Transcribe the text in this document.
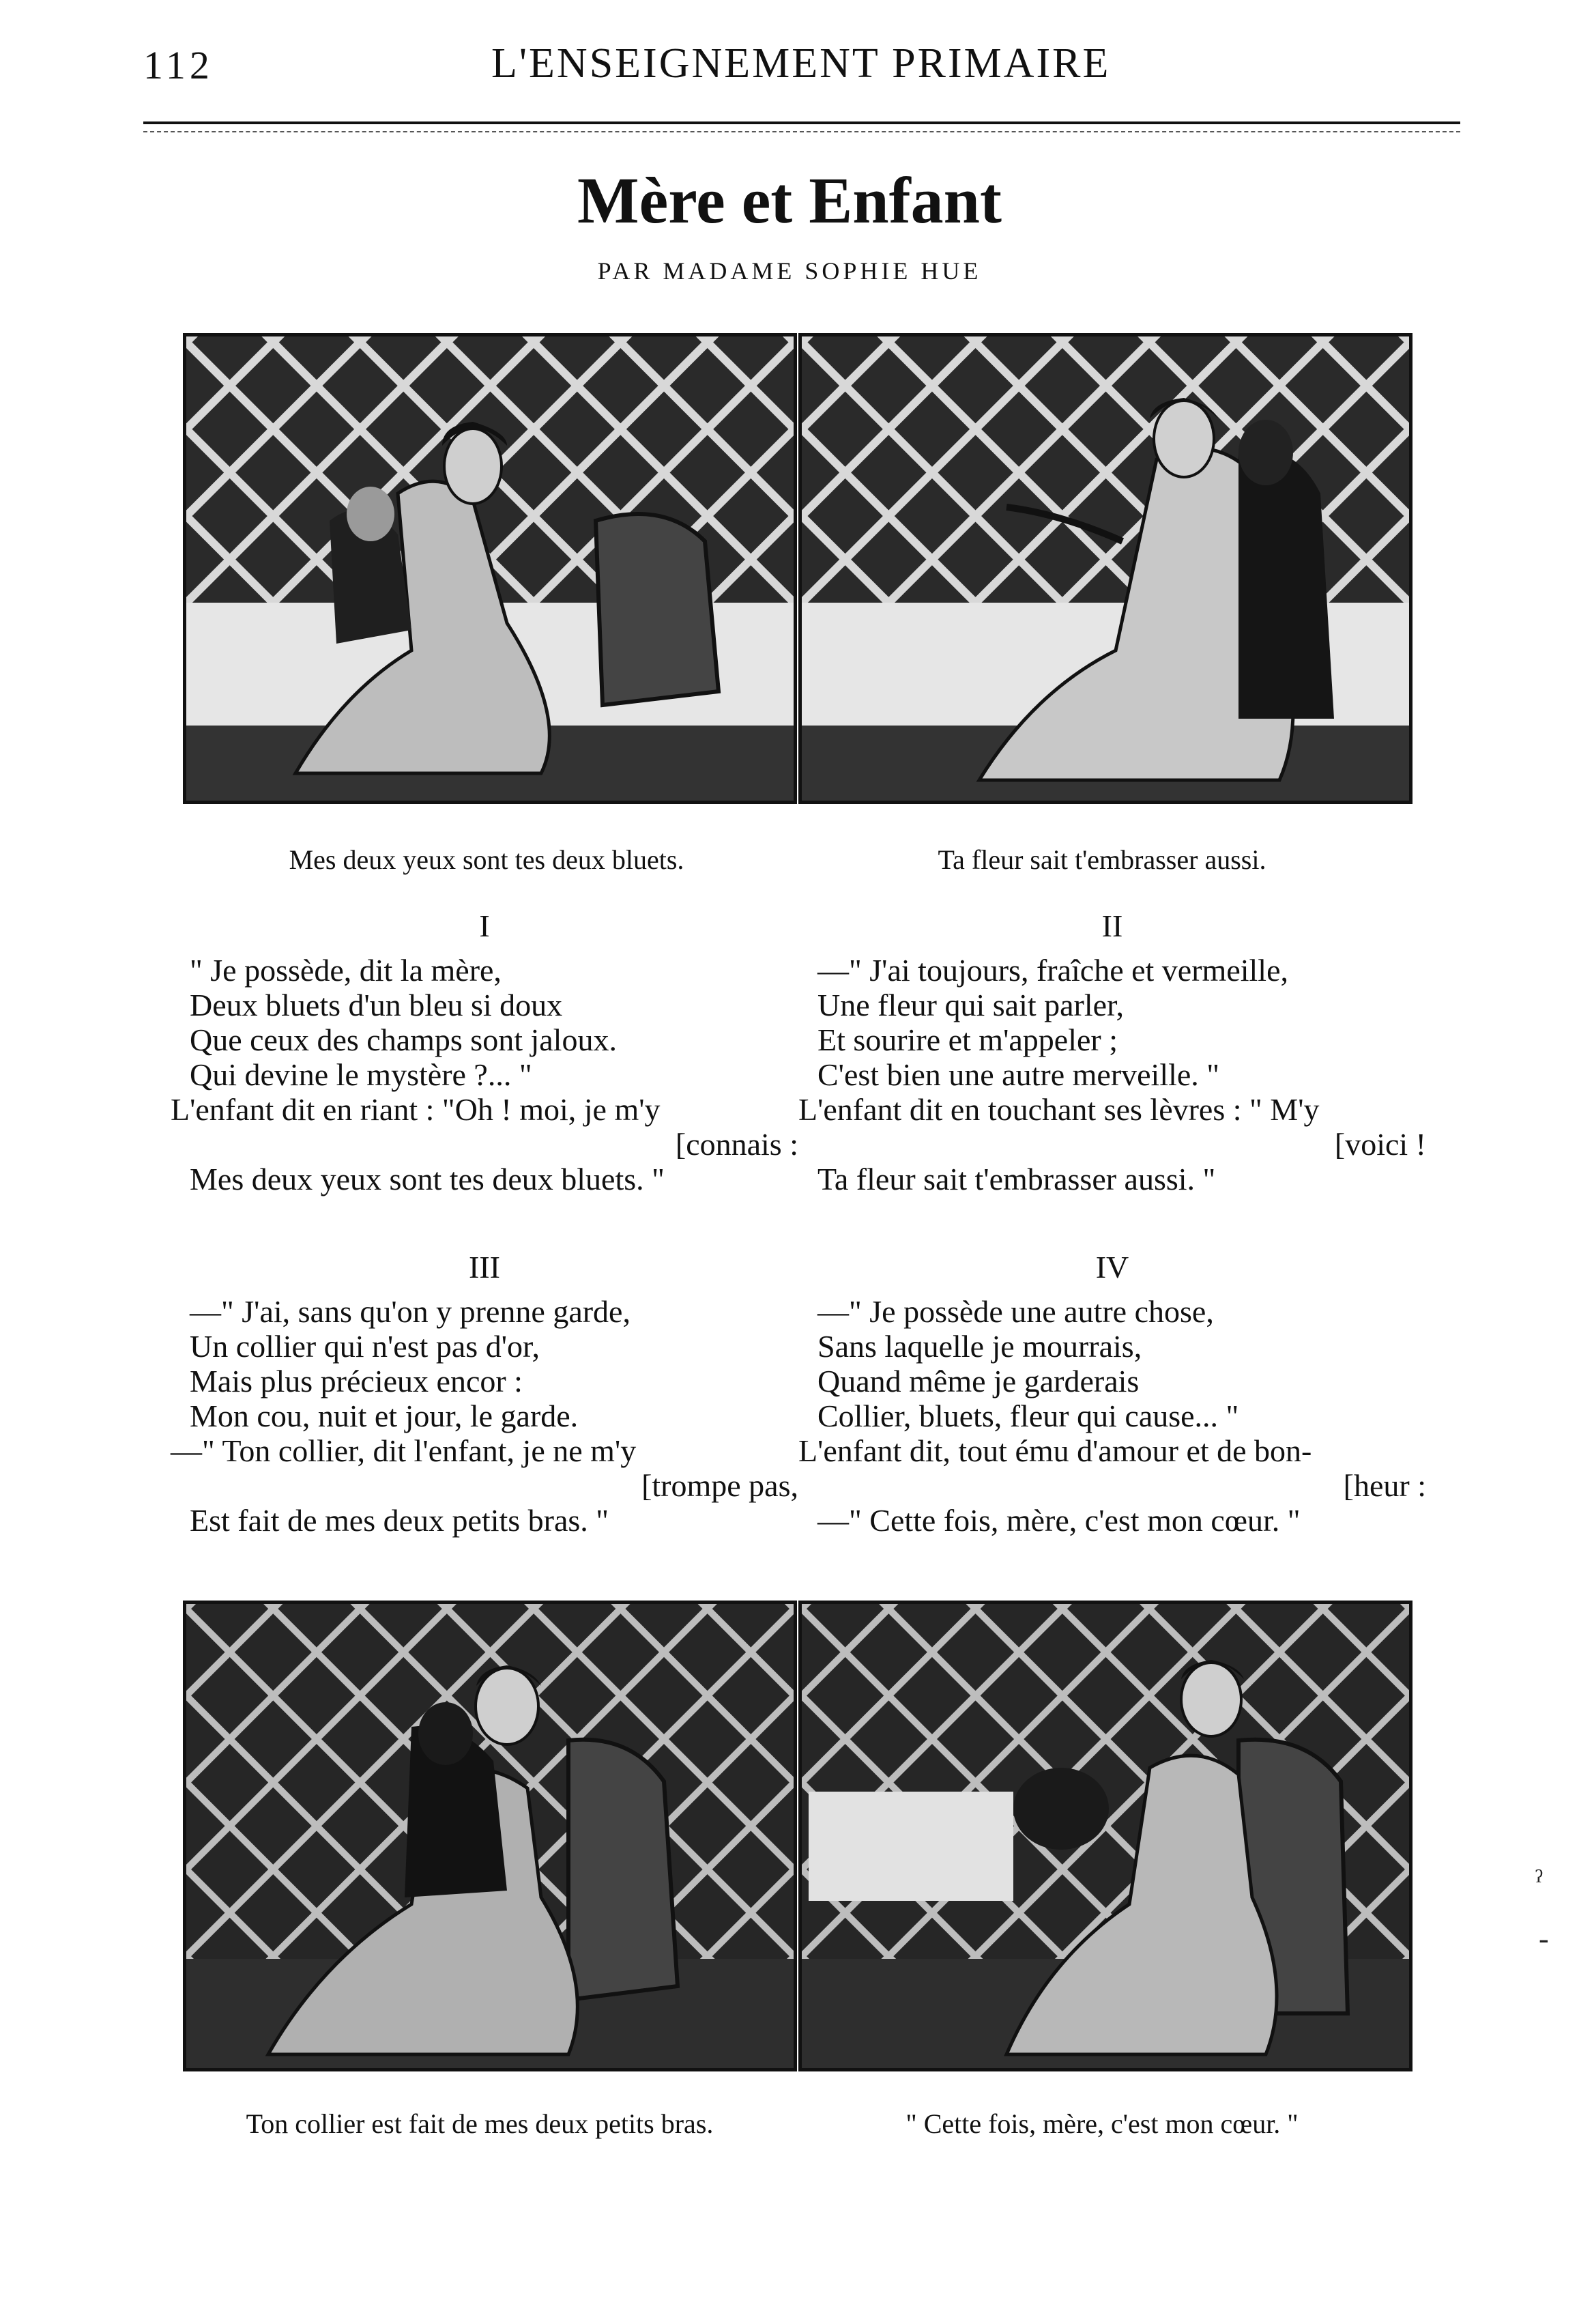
112	L'ENSEIGNEMENT PRIMAIRE
Mère et Enfant
PAR MADAME SOPHIE HUE
Mes deux yeux sont tes deux bluets.	Ta fleur sait t'embrasser aussi.
I
" Je possède, dit la mère,
Deux bluets d'un bleu si doux
Que ceux des champs sont jaloux.
Qui devine le mystère ?... "
L'enfant dit en riant : "Oh ! moi, je m'y
[connais :
Mes deux yeux sont tes deux bluets. "
II
—" J'ai toujours, fraîche et vermeille,
Une fleur qui sait parler,
Et sourire et m'appeler ;
C'est bien une autre merveille. "
L'enfant dit en touchant ses lèvres : " M'y
[voici !
Ta fleur sait t'embrasser aussi. "
III
—" J'ai, sans qu'on y prenne garde,
Un collier qui n'est pas d'or,
Mais plus précieux encor :
Mon cou, nuit et jour, le garde.
—" Ton collier, dit l'enfant, je ne m'y
[trompe pas,
Est fait de mes deux petits bras. "
IV
—" Je possède une autre chose,
Sans laquelle je mourrais,
Quand même je garderais
Collier, bluets, fleur qui cause... "
L'enfant dit, tout ému d'amour et de bon-
[heur :
—" Cette fois, mère, c'est mon cœur. "
Ton collier est fait de mes deux petits bras.	" Cette fois, mère, c'est mon cœur. "
ˀ
-
